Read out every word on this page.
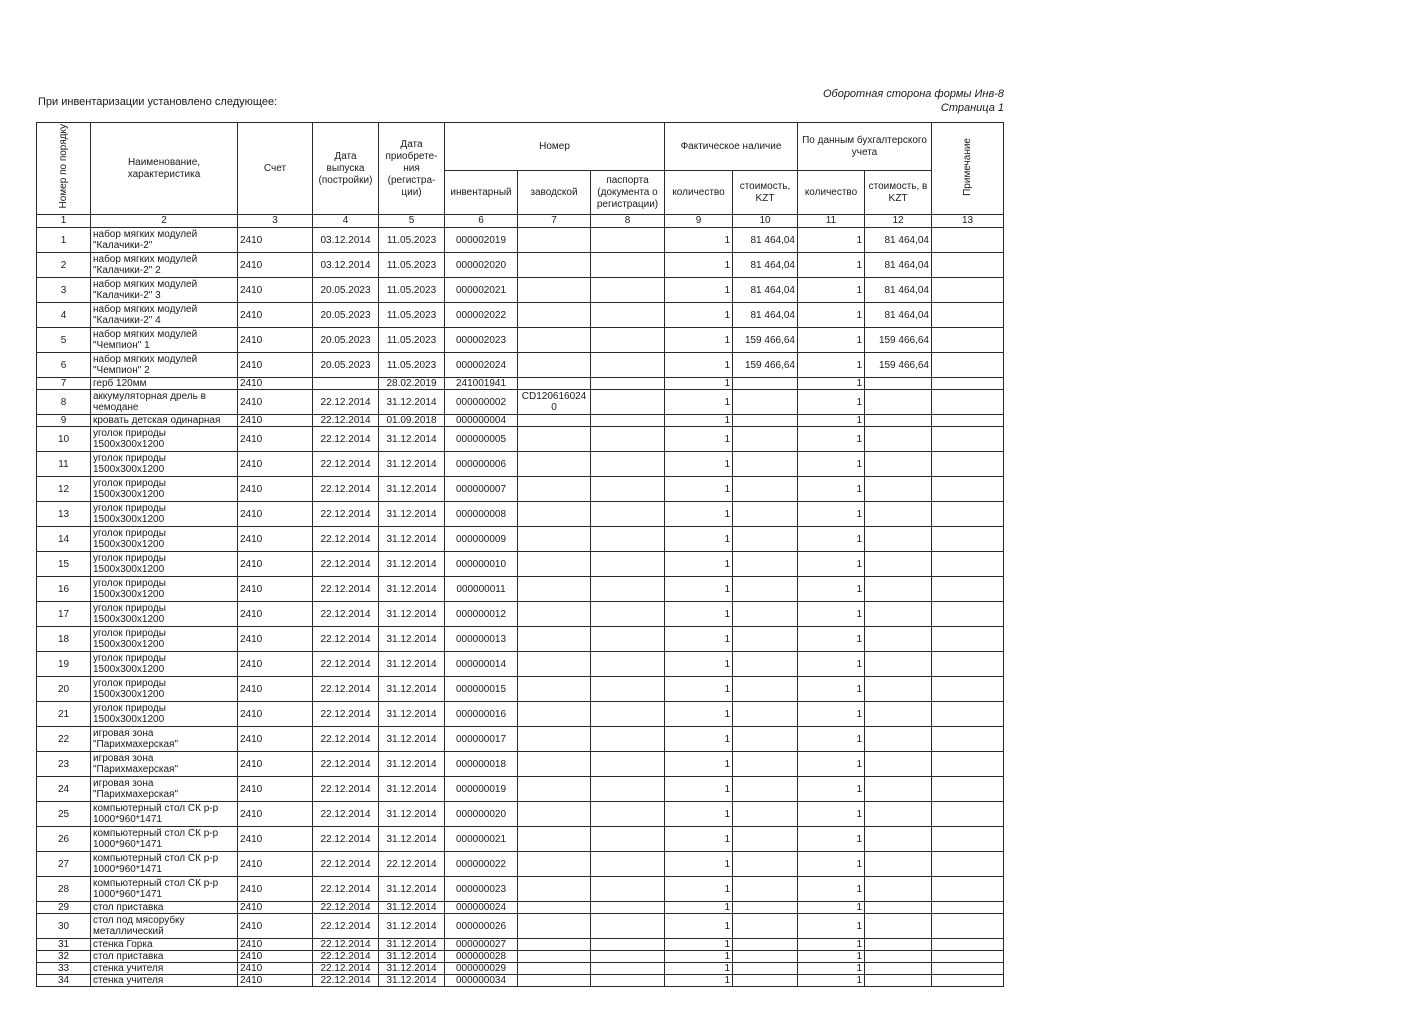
При инвентаризации установлено следующее:
Оборотная сторона формы Инв-8
Страница 1
Номер по порядку	Наименование, характеристика	Счет	Дата выпуска (постройки)	Дата приобрете-ния (регистра-ции)	Номер			Фактическое наличие		По данным бухгалтерского учета		Примечание
					инвентарный	заводской	паспорта (документа о регистрации)	количество	стоимость, KZT	количество	стоимость, в KZT	
1	2	3	4	5	6	7	8	9	10	11	12	13
1	набор мягких модулей "Калачики-2"	2410	03.12.2014	11.05.2023	000002019			1	81 464,04	1	81 464,04	
2	набор мягких модулей "Калачики-2" 2	2410	03.12.2014	11.05.2023	000002020			1	81 464,04	1	81 464,04	
3	набор мягких модулей "Калачики-2" 3	2410	20.05.2023	11.05.2023	000002021			1	81 464,04	1	81 464,04	
4	набор мягких модулей "Калачики-2" 4	2410	20.05.2023	11.05.2023	000002022			1	81 464,04	1	81 464,04	
5	набор мягких модулей "Чемпион" 1	2410	20.05.2023	11.05.2023	000002023			1	159 466,64	1	159 466,64	
6	набор мягких модулей "Чемпион" 2	2410	20.05.2023	11.05.2023	000002024			1	159 466,64	1	159 466,64	
7	герб 120мм	2410		28.02.2019	241001941			1		1		
8	аккумуляторная дрель в чемодане	2410	22.12.2014	31.12.2014	000000002	CD1206160240		1		1		
9	кровать детская одинарная	2410	22.12.2014	01.09.2018	000000004			1		1		
10	уголок природы 1500х300х1200	2410	22.12.2014	31.12.2014	000000005			1		1		
11	уголок природы 1500х300х1200	2410	22.12.2014	31.12.2014	000000006			1		1		
12	уголок природы 1500х300х1200	2410	22.12.2014	31.12.2014	000000007			1		1		
13	уголок природы 1500х300х1200	2410	22.12.2014	31.12.2014	000000008			1		1		
14	уголок природы 1500х300х1200	2410	22.12.2014	31.12.2014	000000009			1		1		
15	уголок природы 1500х300х1200	2410	22.12.2014	31.12.2014	000000010			1		1		
16	уголок природы 1500х300х1200	2410	22.12.2014	31.12.2014	000000011			1		1		
17	уголок природы 1500х300х1200	2410	22.12.2014	31.12.2014	000000012			1		1		
18	уголок природы 1500х300х1200	2410	22.12.2014	31.12.2014	000000013			1		1		
19	уголок природы 1500х300х1200	2410	22.12.2014	31.12.2014	000000014			1		1		
20	уголок природы 1500х300х1200	2410	22.12.2014	31.12.2014	000000015			1		1		
21	уголок природы 1500х300х1200	2410	22.12.2014	31.12.2014	000000016			1		1		
22	игровая зона "Парихмахерская"	2410	22.12.2014	31.12.2014	000000017			1		1		
23	игровая зона "Парихмахерская"	2410	22.12.2014	31.12.2014	000000018			1		1		
24	игровая зона "Парихмахерская"	2410	22.12.2014	31.12.2014	000000019			1		1		
25	компьютерный стол СК р-р 1000*960*1471	2410	22.12.2014	31.12.2014	000000020			1		1		
26	компьютерный стол СК р-р 1000*960*1471	2410	22.12.2014	31.12.2014	000000021			1		1		
27	компьютерный стол СК р-р 1000*960*1471	2410	22.12.2014	22.12.2014	000000022			1		1		
28	компьютерный стол СК р-р 1000*960*1471	2410	22.12.2014	31.12.2014	000000023			1		1		
29	стол приставка	2410	22.12.2014	31.12.2014	000000024			1		1		
30	стол под мясорубку металлический	2410	22.12.2014	31.12.2014	000000026			1		1		
31	стенка Горка	2410	22.12.2014	31.12.2014	000000027			1		1		
32	стол приставка	2410	22.12.2014	31.12.2014	000000028			1		1		
33	стенка учителя	2410	22.12.2014	31.12.2014	000000029			1		1		
34	стенка учителя	2410	22.12.2014	31.12.2014	000000034			1		1		
